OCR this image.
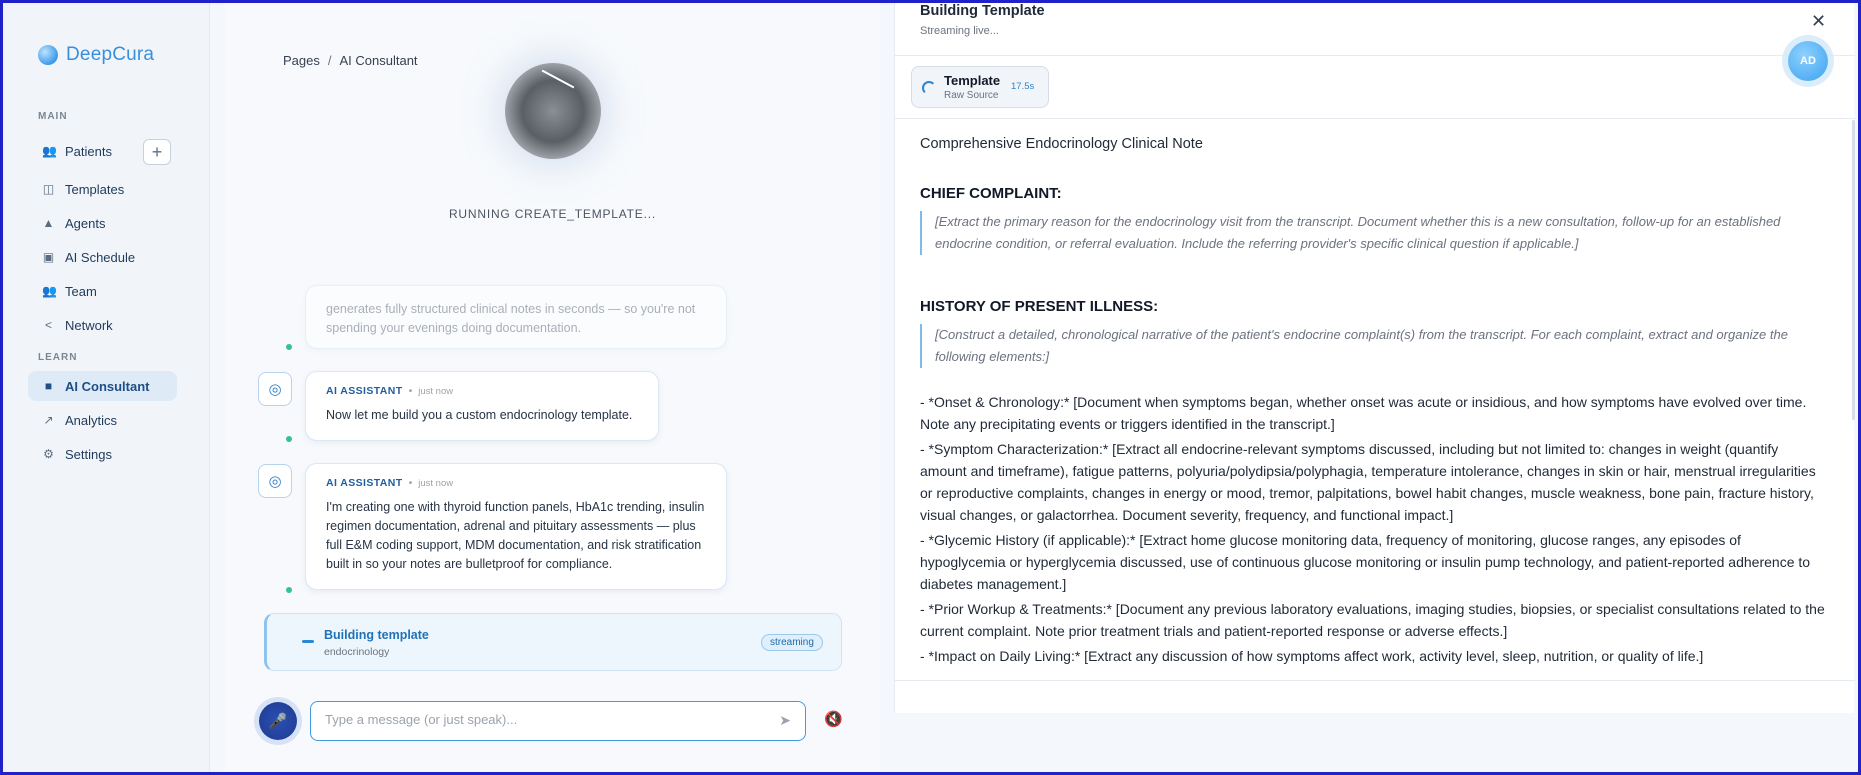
DeepCura
MAIN
👥 Patients	+
◫ Templates
▲ Agents
▣ AI Schedule
👥 Team
< Network
LEARN
■ AI Consultant
↗ Analytics
⚙ Settings
Pages / AI Consultant
RUNNING CREATE_TEMPLATE...
generates fully structured clinical notes in seconds — so you're not spending your evenings doing documentation.
◎	AI ASSISTANT • just now
Now let me build you a custom endocrinology template.
◎	AI ASSISTANT • just now
I'm creating one with thyroid function panels, HbA1c trending, insulin regimen documentation, adrenal and pituitary assessments — plus full E&M coding support, MDM documentation, and risk stratification built in so your notes are bulletproof for compliance.
Building template
endocrinology
streaming
🎤
Type a message (or just speak)...	➤ 🔇
Building Template
Streaming live...	✕
Template
Raw Source
17.5s
Comprehensive Endocrinology Clinical Note
CHIEF COMPLAINT:
[Extract the primary reason for the endocrinology visit from the transcript. Document whether this is a new consultation, follow-up for an established endocrine condition, or referral evaluation. Include the referring provider's specific clinical question if applicable.]
HISTORY OF PRESENT ILLNESS:
[Construct a detailed, chronological narrative of the patient's endocrine complaint(s) from the transcript. For each complaint, extract and organize the following elements:]
- *Onset & Chronology:* [Document when symptoms began, whether onset was acute or insidious, and how symptoms have evolved over time. Note any precipitating events or triggers identified in the transcript.]
- *Symptom Characterization:* [Extract all endocrine-relevant symptoms discussed, including but not limited to: changes in weight (quantify amount and timeframe), fatigue patterns, polyuria/polydipsia/polyphagia, temperature intolerance, changes in skin or hair, menstrual irregularities or reproductive complaints, changes in energy or mood, tremor, palpitations, bowel habit changes, muscle weakness, bone pain, fracture history, visual changes, or galactorrhea. Document severity, frequency, and functional impact.]
- *Glycemic History (if applicable):* [Extract home glucose monitoring data, frequency of monitoring, glucose ranges, any episodes of hypoglycemia or hyperglycemia discussed, use of continuous glucose monitoring or insulin pump technology, and patient-reported adherence to diabetes management.]
- *Prior Workup & Treatments:* [Document any previous laboratory evaluations, imaging studies, biopsies, or specialist consultations related to the current complaint. Note prior treatment trials and patient-reported response or adverse effects.]
- *Impact on Daily Living:* [Extract any discussion of how symptoms affect work, activity level, sleep, nutrition, or quality of life.]
AD
